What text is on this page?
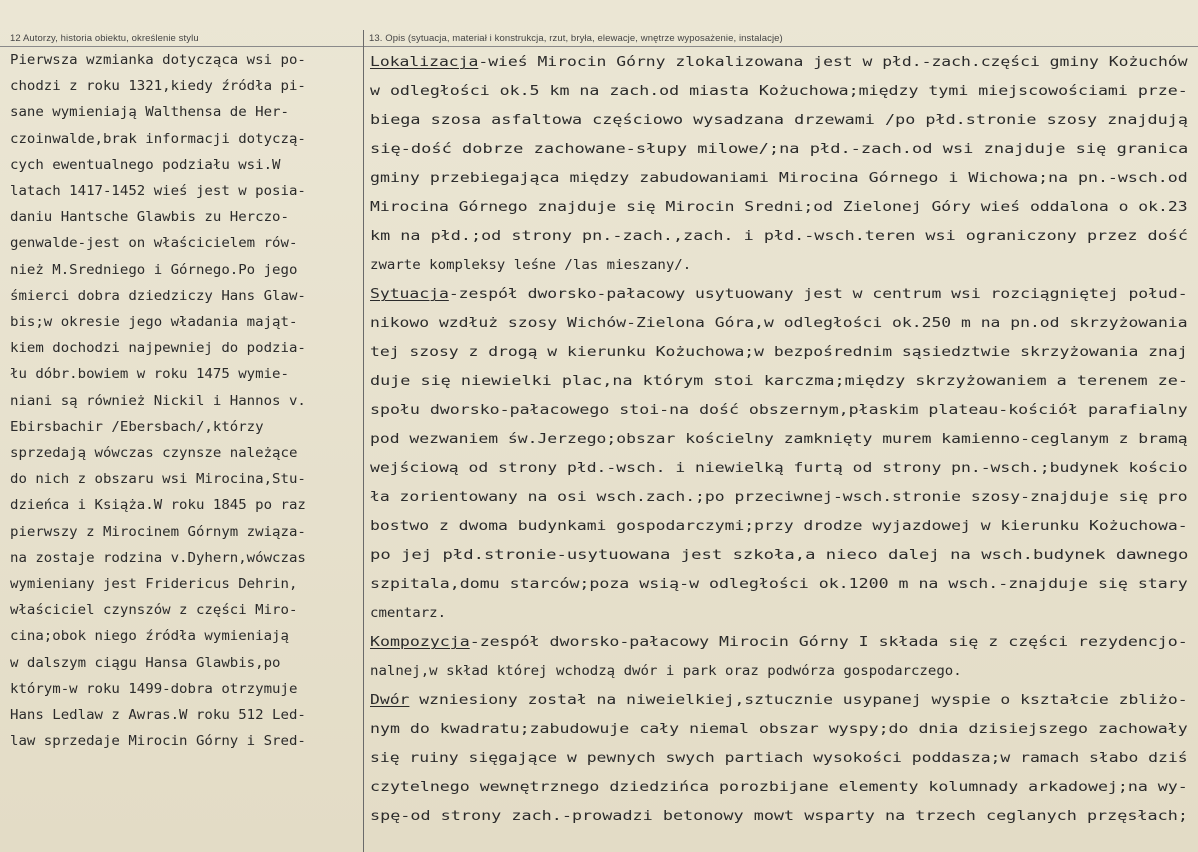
12 Autorzy, historia obiektu, określenie stylu	13. Opis (sytuacja, materiał i konstrukcja, rzut, bryła, elewacje, wnętrze wyposażenie, instalacje)
Pierwsza wzmianka dotycząca wsi po-
chodzi z roku 1321,kiedy źródła pi-
sane wymieniają Walthensa de Her-
czoinwalde,brak informacji dotyczą-
cych ewentualnego podziału wsi.W
latach 1417-1452 wieś jest w posia-
daniu Hantsche Glawbis zu Herczo-
genwalde-jest on właścicielem rów-
nież M.Sredniego i Górnego.Po jego
śmierci dobra dziedziczy Hans Glaw-
bis;w okresie jego władania mająt-
kiem dochodzi najpewniej do podzia-
łu dóbr.bowiem w roku 1475 wymie-
niani są również Nickil i Hannos v.
Ebirsbachir /Ebersbach/,którzy
sprzedają wówczas czynsze należące
do nich z obszaru wsi Mirocina,Stu-
dzieńca i Książa.W roku 1845 po raz
pierwszy z Mirocinem Górnym związa-
na zostaje rodzina v.Dyhern,wówczas
wymieniany jest Fridericus Dehrin,
właściciel czynszów z części Miro-
cina;obok niego źródła wymieniają
w dalszym ciągu Hansa Glawbis,po
którym-w roku 1499-dobra otrzymuje
Hans Ledlaw z Awras.W roku 512 Led-
law sprzedaje Mirocin Górny i Sred-
Lokalizacja-wieś Mirocin Górny zlokalizowana jest w płd.-zach.części gminy Kożuchów
w odległości ok.5 km na zach.od miasta Kożuchowa;między tymi miejscowościami prze-
biega szosa asfaltowa częściowo wysadzana drzewami /po płd.stronie szosy znajdują
się-dość dobrze zachowane-słupy milowe/;na płd.-zach.od wsi znajduje się granica
gminy przebiegająca między zabudowaniami Mirocina Górnego i Wichowa;na pn.-wsch.od
Mirocina Górnego znajduje się Mirocin Sredni;od Zielonej Góry wieś oddalona o ok.23
km na płd.;od strony pn.-zach.,zach. i płd.-wsch.teren wsi ograniczony przez dość
zwarte kompleksy leśne /las mieszany/.
Sytuacja-zespół dworsko-pałacowy usytuowany jest w centrum wsi rozciągniętej połud-
nikowo wzdłuż szosy Wichów-Zielona Góra,w odległości ok.250 m na pn.od skrzyżowania
tej szosy z drogą w kierunku Kożuchowa;w bezpośrednim sąsiedztwie skrzyżowania znaj
duje się niewielki plac,na którym stoi karczma;między skrzyżowaniem a terenem ze-
społu dworsko-pałacowego stoi-na dość obszernym,płaskim plateau-kościół parafialny
pod wezwaniem św.Jerzego;obszar kościelny zamknięty murem kamienno-ceglanym z bramą
wejściową od strony płd.-wsch. i niewielką furtą od strony pn.-wsch.;budynek kościo
ła zorientowany na osi wsch.zach.;po przeciwnej-wsch.stronie szosy-znajduje się pro
bostwo z dwoma budynkami gospodarczymi;przy drodze wyjazdowej w kierunku Kożuchowa-
po jej płd.stronie-usytuowana jest szkoła,a nieco dalej na wsch.budynek dawnego
szpitala,domu starców;poza wsią-w odległości ok.1200 m na wsch.-znajduje się stary
cmentarz.
Kompozycja-zespół dworsko-pałacowy Mirocin Górny I składa się z części rezydencjo-
nalnej,w skład której wchodzą dwór i park oraz podwórza gospodarczego.
Dwór wzniesiony został na niweielkiej,sztucznie usypanej wyspie o kształcie zbliżo-
nym do kwadratu;zabudowuje cały niemal obszar wyspy;do dnia dzisiejszego zachowały
się ruiny sięgające w pewnych swych partiach wysokości poddasza;w ramach słabo dziś
czytelnego wewnętrznego dziedzińca porozbijane elementy kolumnady arkadowej;na wy-
spę-od strony zach.-prowadzi betonowy mowt wsparty na trzech ceglanych przęsłach;
